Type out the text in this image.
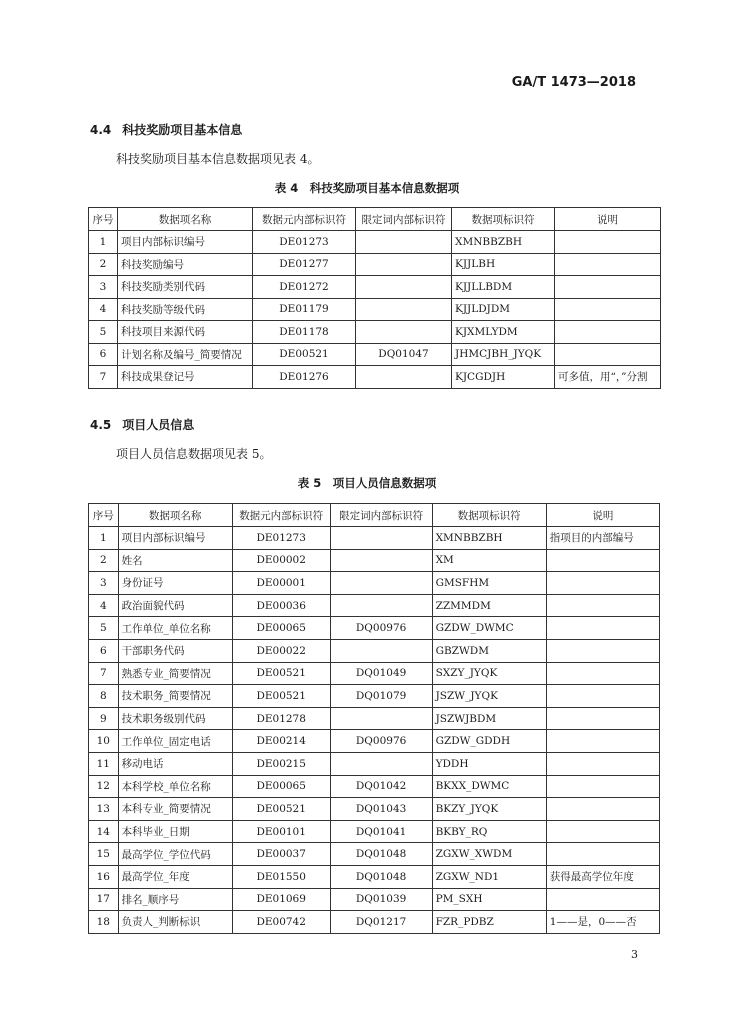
GA/T 1473—2018
4.4 科技奖励项目基本信息
科技奖励项目基本信息数据项见表 4。
表 4　科技奖励项目基本信息数据项
序号	数据项名称	数据元内部标识符	限定词内部标识符	数据项标识符	说明
1	项目内部标识编号	DE01273		XMNBBZBH	
2	科技奖励编号	DE01277		KJJLBH	
3	科技奖励类别代码	DE01272		KJJLLBDM	
4	科技奖励等级代码	DE01179		KJJLDJDM	
5	科技项目来源代码	DE01178		KJXMLYDM	
6	计划名称及编号_简要情况	DE00521	DQ01047	JHMCJBH_JYQK	
7	科技成果登记号	DE01276		KJCGDJH	可多值，用“，”分割
4.5 项目人员信息
项目人员信息数据项见表 5。
表 5　项目人员信息数据项
序号	数据项名称	数据元内部标识符	限定词内部标识符	数据项标识符	说明
1	项目内部标识编号	DE01273		XMNBBZBH	指项目的内部编号
2	姓名	DE00002		XM	
3	身份证号	DE00001		GMSFHM	
4	政治面貌代码	DE00036		ZZMMDM	
5	工作单位_单位名称	DE00065	DQ00976	GZDW_DWMC	
6	干部职务代码	DE00022		GBZWDM	
7	熟悉专业_简要情况	DE00521	DQ01049	SXZY_JYQK	
8	技术职务_简要情况	DE00521	DQ01079	JSZW_JYQK	
9	技术职务级别代码	DE01278		JSZWJBDM	
10	工作单位_固定电话	DE00214	DQ00976	GZDW_GDDH	
11	移动电话	DE00215		YDDH	
12	本科学校_单位名称	DE00065	DQ01042	BKXX_DWMC	
13	本科专业_简要情况	DE00521	DQ01043	BKZY_JYQK	
14	本科毕业_日期	DE00101	DQ01041	BKBY_RQ	
15	最高学位_学位代码	DE00037	DQ01048	ZGXW_XWDM	
16	最高学位_年度	DE01550	DQ01048	ZGXW_ND1	获得最高学位年度
17	排名_顺序号	DE01069	DQ01039	PM_SXH	
18	负责人_判断标识	DE00742	DQ01217	FZR_PDBZ	1——是，0——否
3
